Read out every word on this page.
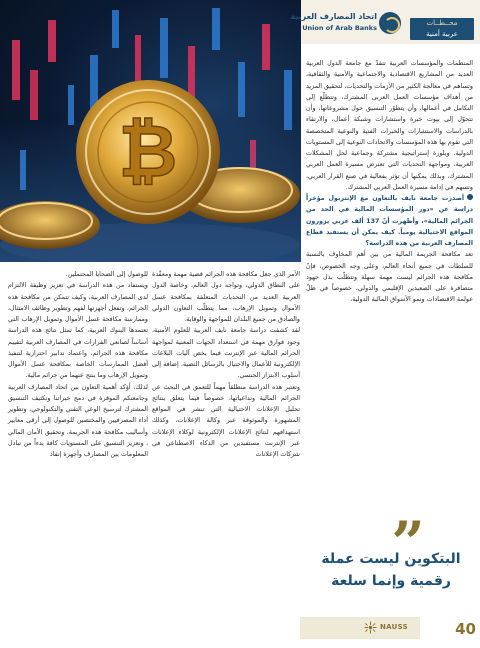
₿
اتحاد المصارف العربية
Union of Arab Banks
محــطــات
عربية أمنية

المنظمات والمؤسسات العربية تتقدّ مع جامعة الدول العربية العديد من المشاريع الاقتصادية والاجتماعية والأمنية والثقافية، وتساهم في معالجة الكثير من الأزمات والتحديات، لتحقيق المزيد من أهداف مؤسسات العمل العربي المشترك، وتتطلّع إلى التكامل في أعمالها، وأن يتطوّر التنسيق حول مشروعاتها، وأن تتحوّل إلى بيوت خبرة واستشارات وشبكة أعمال، والارتقاء بالدراسات والاستشارات والخبرات الفنية والنوعية المتخصصة التي تقوم بها هذه المؤسسات والاتحادات النوعية إلى المستويات الدولية، وبلورة إستراتيجية مشتركة وجماعية لحل المشكلات العربية، ومواجهة التحديات التي تعترض مسيرة العمل العربي المشترك، وبذلك يمكنها أن تؤثر بفعالية في صنع القرار العربي، وتسهم في إدامة مسيرة العمل العربي المشترك.

أصدرت جامعة نايف بالتعاون مع الإنتربول مؤخراً دراسة عن «دور المؤسسات المالية في الحد من الجرائم المالية»، وأظهرت أنّ 137 ألف عربي يزورون المواقع الاحتيالية يومياً. كيف يمكن أن يستفيد قطاع المصارف العربية من هذه الدراسة؟

تعد مكافحة الجريمة المالية من بين أهم المخاوف بالنسبة للسلطات في جميع أنحاء العالم، وعلى وجه الخصوص، فإنّ مكافحة هذه الجرائم ليست مهمة سهلة وتتطلّب بذل جهود متضافرة على الصعيدين الإقليمي والدولي، خصوصاً في ظلّ عولمة الاقتصادات ونمو الأسواق المالية الدولية،

”
البتكوين ليست عملة رقمية وإنما سلعة

الأمر الذي جعل مكافحة هذه الجرائم قضية مهمة ومعقّدة على النطاق الدولي، وتواجه دول العالم، وخاصة الدول العربية العديد من التحديات المتعلقة بمكافحة غسل الأموال وتمويل الإرهاب، مما يتطلّب التعاون الدولي والصادق من جميع البلدان للمواجهة والوقاية.

لقد كشفت دراسة جامعة نايف العربية للعلوم الأمنية، وجود فوارق مهمة في استعداد الجهات المعنية لمواجهة الجرائم المالية عبر الإنترنت فيما يخص آليات البلاغات الإلكترونية للأعمال والاحتيال بالرسائل النصية، إضافة إلى أسلوب الابتزاز الجنسي.

وتعتبر هذه الدراسة منطلقاً مهماً للتعمق في البحث عن الجرائم المالية وتداعياتها، خصوصاً فيما يتعلق بنتائج تحليل الإعلانات الاحتيالية التي تنشر في المواقع المشهورة والموثوقة عبر وكالة الإعلانات، وكذلك استهدافهم لنتائج الإعلانات الإلكترونية لوكلاء الإعلانات عبر الإنترنت مستفيدين من الذكاء الاصطناعي في شركات الإعلانات

للوصول إلى الضحايا المحتملين.

ويستفاد من هذه الدراسة في تعزيز وظيفة الالتزام لدى المصارف العربية، وكيف تتمكن من مكافحة هذه الجرائم، وتفعل أجهزتها لفهم وتطوير وظائف الامتثال، وممارسة مكافحة غسل الأموال وتمويل الإرهاب التي تعتمدها البنوك العربية، كما تمثل نتائج هذه الدراسة أساساً لصانعي القرارات في المصارف العربية لتقييم مكافحة هذه الجرائم، واعتماد تدابير احترازية لتنفيذ أفضل الممارسات الخاصة بمكافحة غسل الأموال وتمويل الإرهاب وما ينتج عنهما من جرائم مالية.

لذلك، أؤكد أهمية التعاون بين اتحاد المصارف العربية وجامعتكم الموقرة في دمج خبراتنا وتكثيف التنسيق المشترك لترسيخ الوعي التقني والتكنولوجي، وتطوير أداء المصرفيين والمختصين للوصول إلى أرقى معايير وأساليب مكافحة هذه الجريمة، وتحقيق الأمان المالي ، وتعزيز التنسيق على المستويات كافة بدءاً من تبادل المعلومات بين المصارف وأجهزة إنفاذ

NAUSS	40
